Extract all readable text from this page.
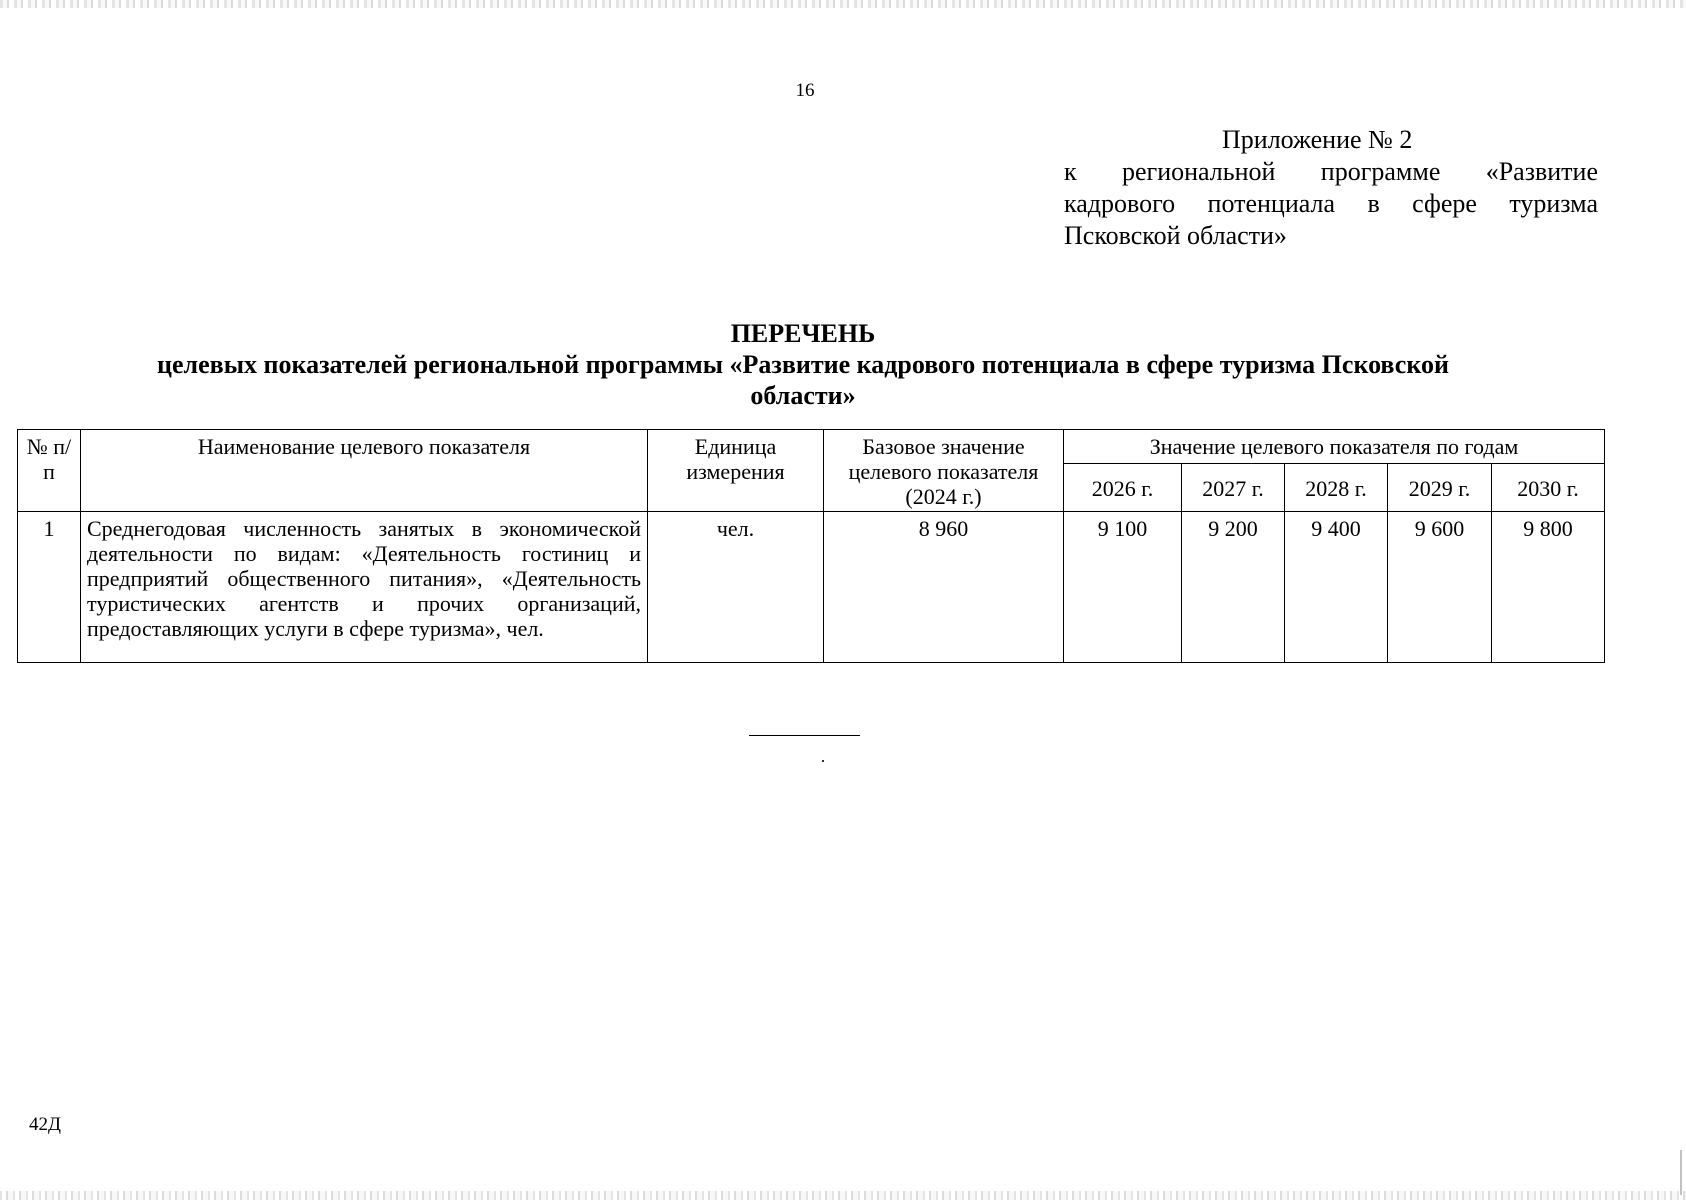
16
Приложение № 2
к региональной программе «Развитие кадрового потенциала в сфере туризма Псковской области»
ПЕРЕЧЕНЬ
целевых показателей региональной программы «Развитие кадрового потенциала в сфере туризма Псковской области»
№ п/п	Наименование целевого показателя	Единица измерения	Базовое значение целевого показателя (2024 г.)	Значение целевого показателя по годам				
				2026 г.	2027 г.	2028 г.	2029 г.	2030 г.
1	Среднегодовая численность занятых в экономической деятельности по видам: «Деятельность гостиниц и предприятий общественного питания», «Деятельность туристических агентств и прочих организаций, предоставляющих услуги в сфере туризма», чел.	чел.	8 960	9 100	9 200	9 400	9 600	9 800
42Д
